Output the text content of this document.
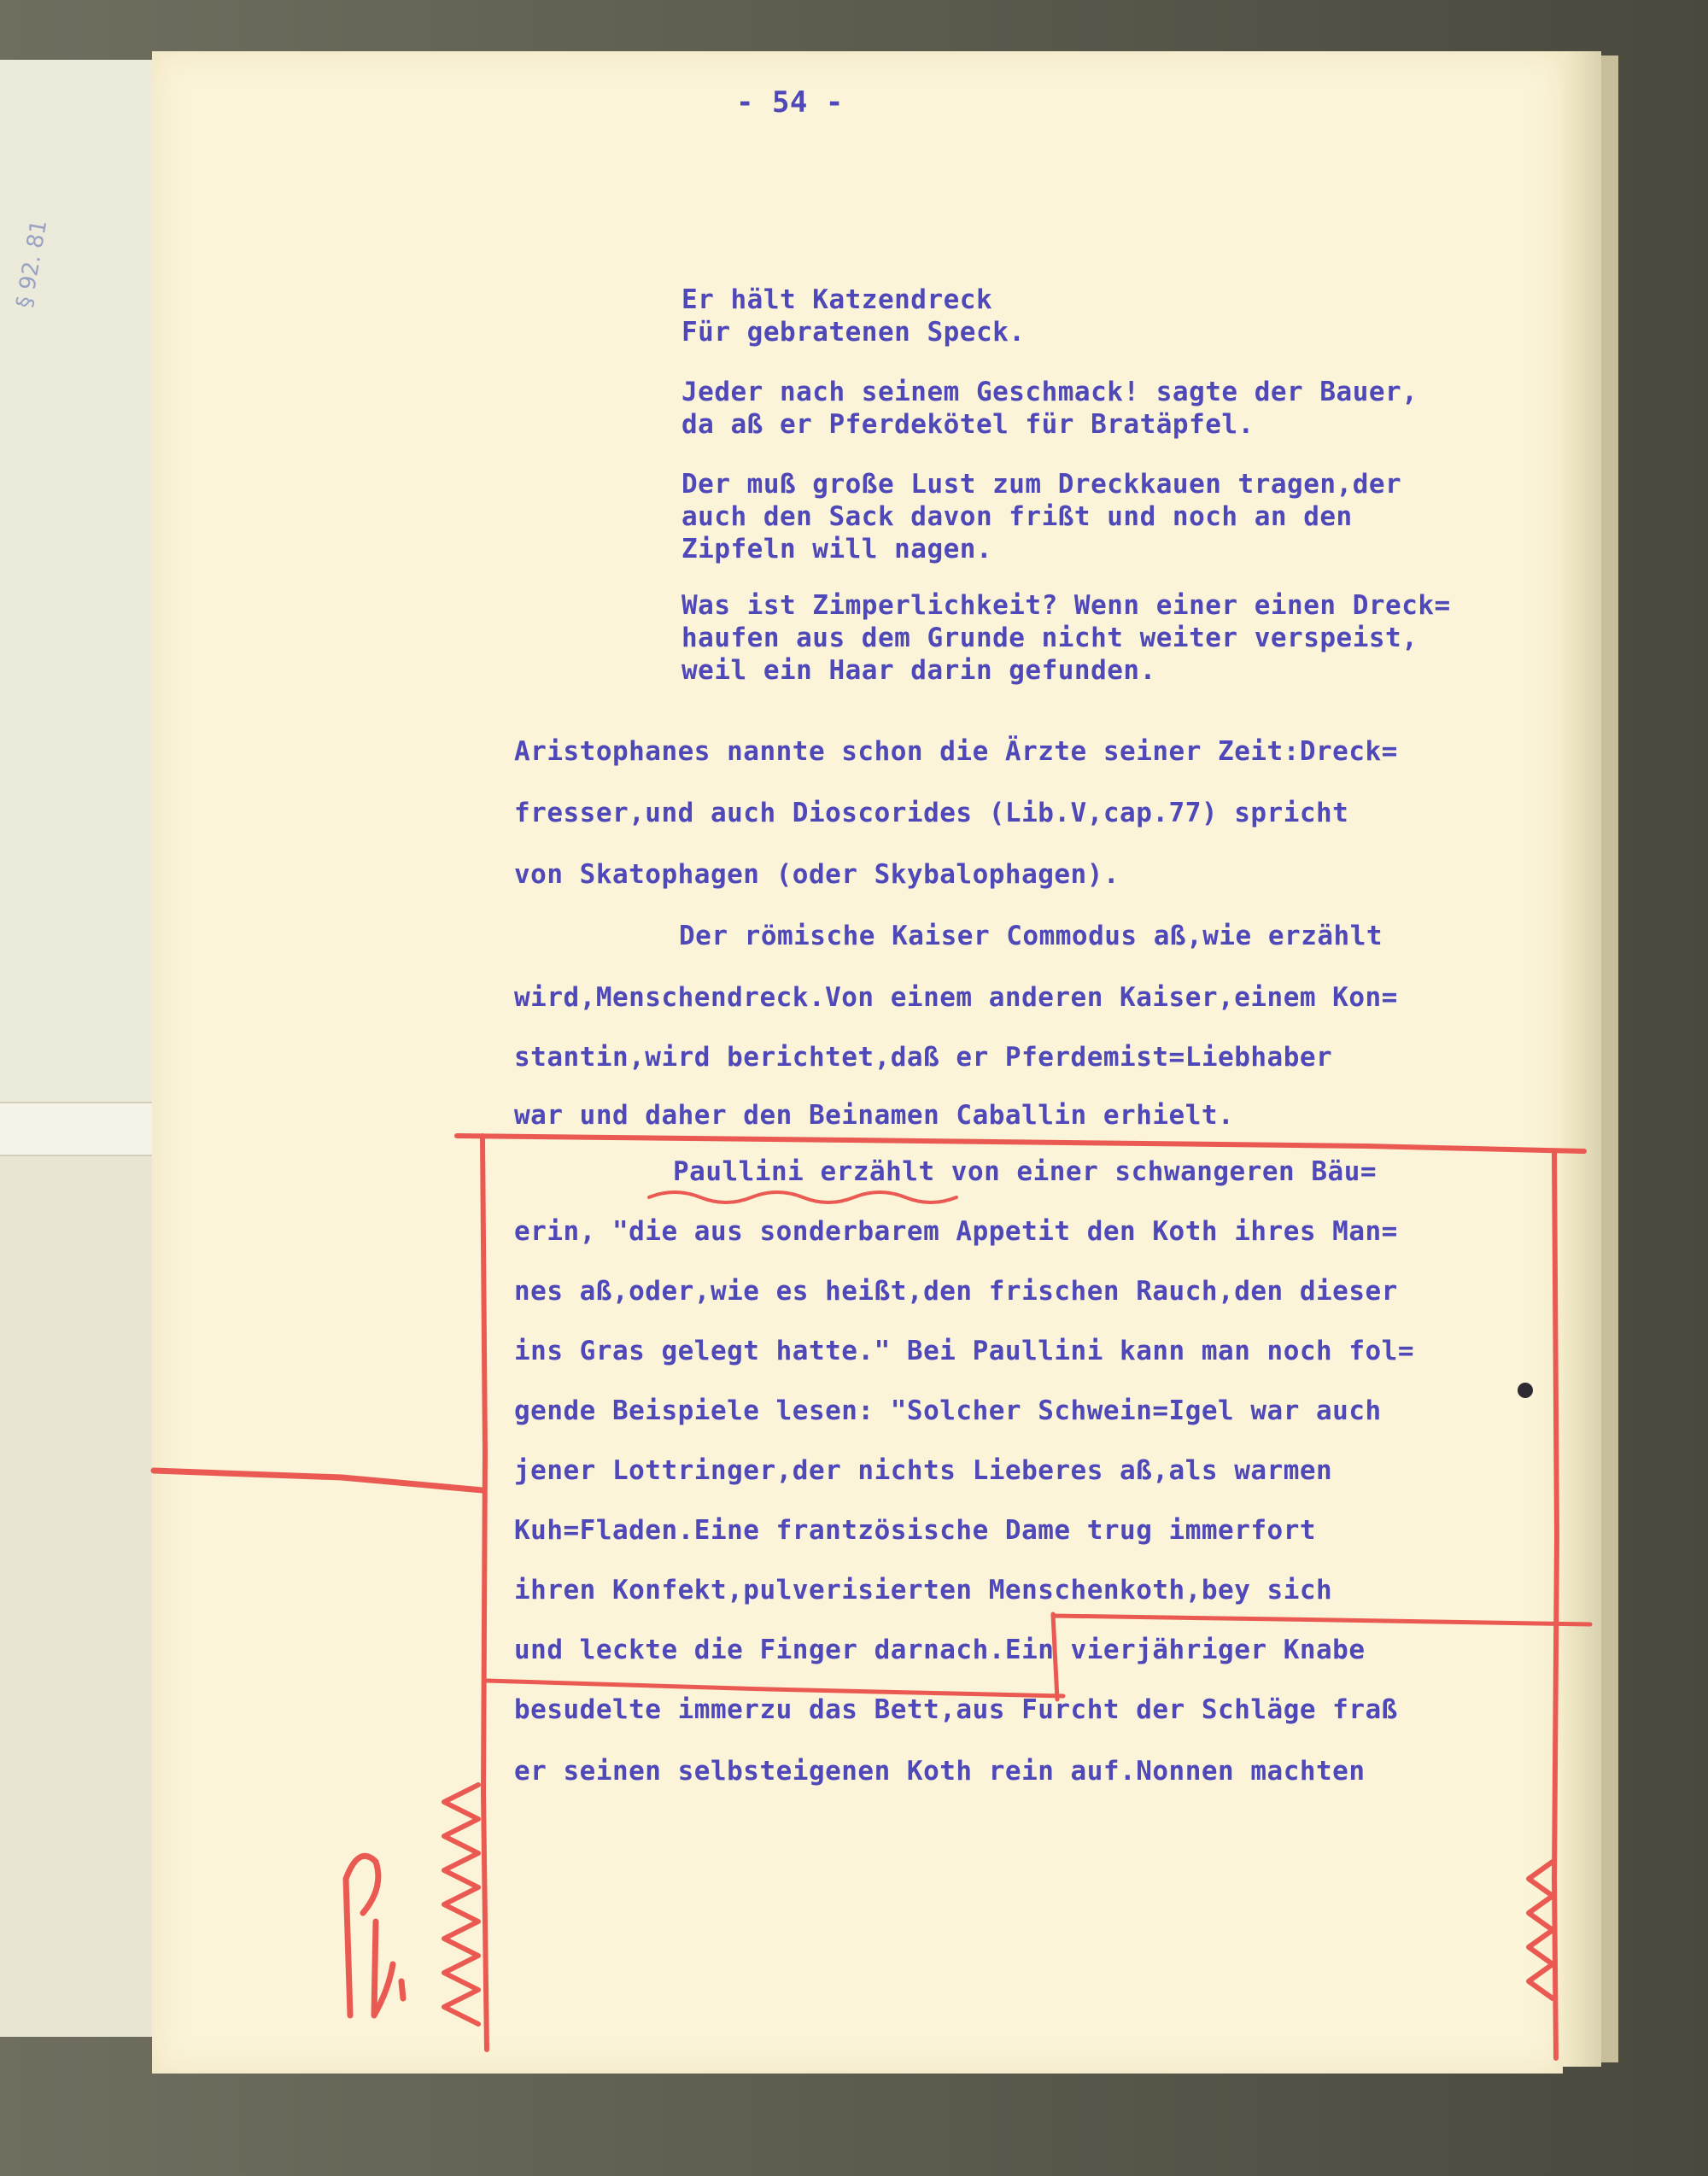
§ 92. 81
- 54 -
Er hält Katzendreck
Für gebratenen Speck.
Jeder nach seinem Geschmack! sagte der Bauer,
da aß er Pferdekötel für Bratäpfel.
Der muß große Lust zum Dreckkauen tragen,der
auch den Sack davon frißt und noch an den
Zipfeln will nagen.
Was ist Zimperlichkeit? Wenn einer einen Dreck=
haufen aus dem Grunde nicht weiter verspeist,
weil ein Haar darin gefunden.
Aristophanes nannte schon die Ärzte seiner Zeit:Dreck=
fresser,und auch Dioscorides (Lib.V,cap.77) spricht
von Skatophagen (oder Skybalophagen).
Der römische Kaiser Commodus aß,wie erzählt
wird,Menschendreck.Von einem anderen Kaiser,einem Kon=
stantin,wird berichtet,daß er Pferdemist=Liebhaber
war und daher den Beinamen Caballin erhielt.
Paullini erzählt von einer schwangeren Bäu=
erin, "die aus sonderbarem Appetit den Koth ihres Man=
nes aß,oder,wie es heißt,den frischen Rauch,den dieser
ins Gras gelegt hatte." Bei Paullini kann man noch fol=
gende Beispiele lesen: "Solcher Schwein=Igel war auch
jener Lottringer,der nichts Lieberes aß,als warmen
Kuh=Fladen.Eine frantzösische Dame trug immerfort
ihren Konfekt,pulverisierten Menschenkoth,bey sich
und leckte die Finger darnach.Ein vierjähriger Knabe
besudelte immerzu das Bett,aus Furcht der Schläge fraß
er seinen selbsteigenen Koth rein auf.Nonnen machten
